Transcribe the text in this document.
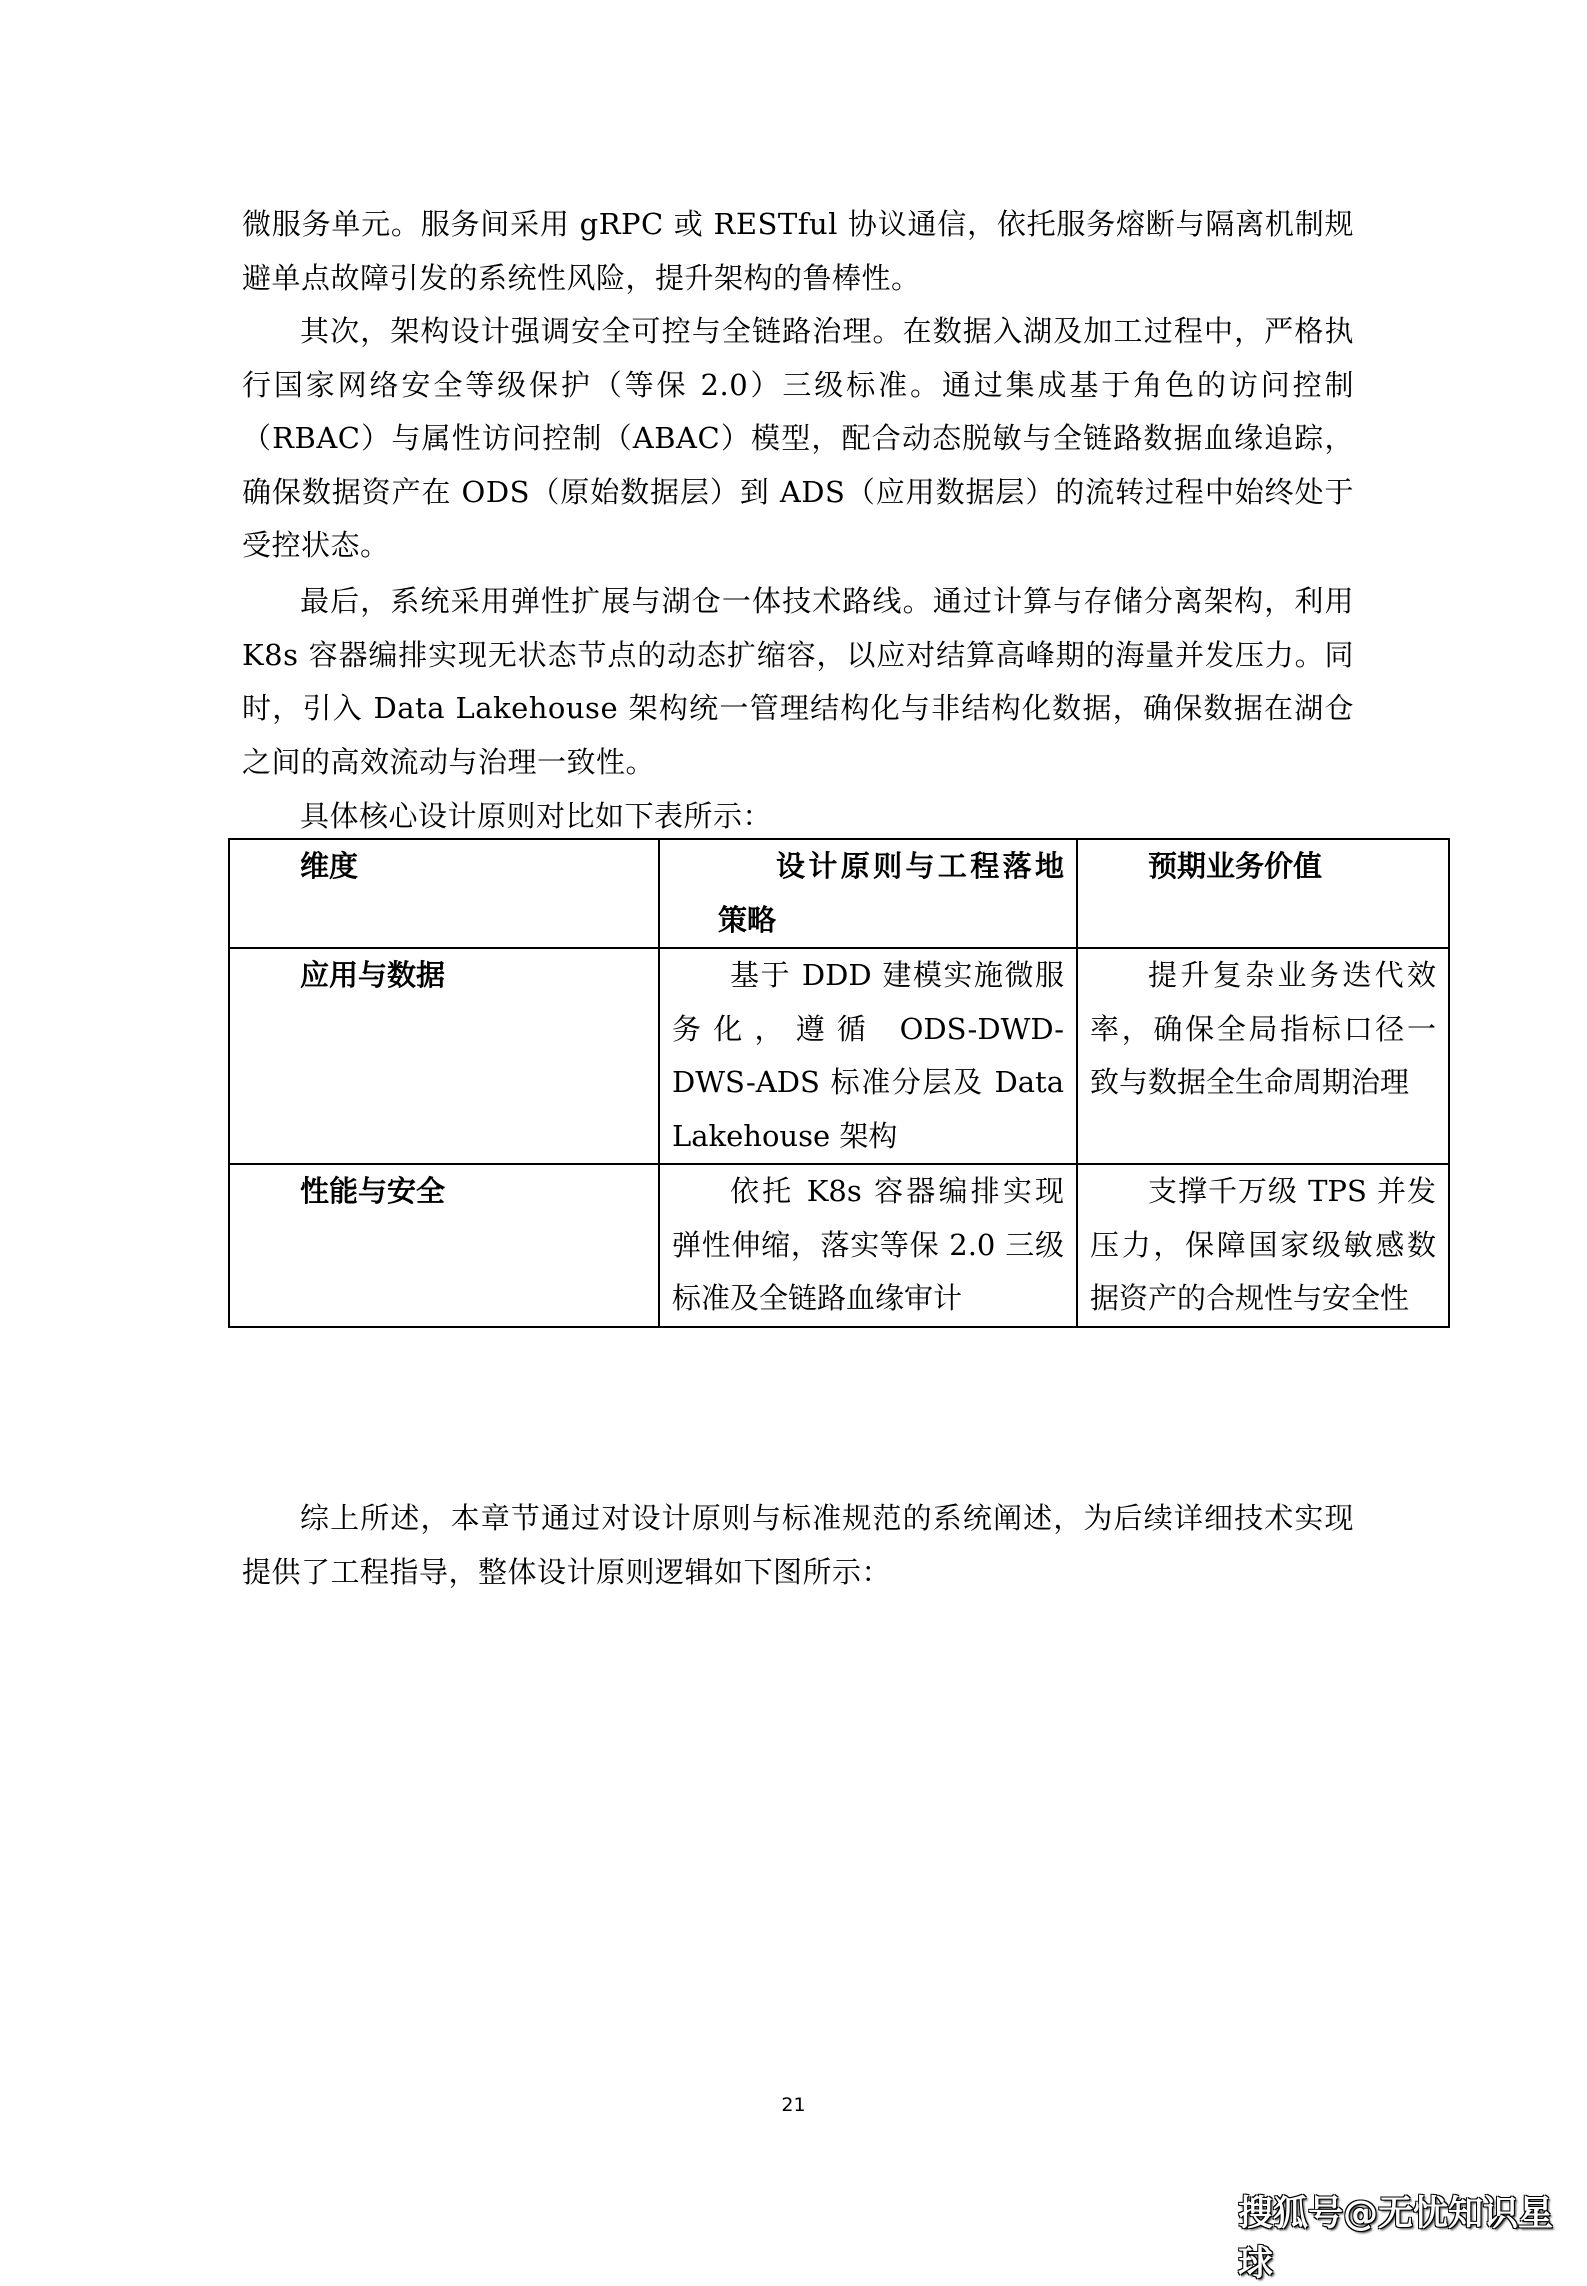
微服务单元。服务间采用 gRPC 或 RESTful 协议通信，依托服务熔断与隔离机制规避单点故障引发的系统性风险，提升架构的鲁棒性。

其次，架构设计强调安全可控与全链路治理。在数据入湖及加工过程中，严格执行国家网络安全等级保护（等保 2.0）三级标准。通过集成基于角色的访问控制（RBAC）与属性访问控制（ABAC）模型，配合动态脱敏与全链路数据血缘追踪，确保数据资产在 ODS（原始数据层）到 ADS（应用数据层）的流转过程中始终处于受控状态。

最后，系统采用弹性扩展与湖仓一体技术路线。通过计算与存储分离架构，利用 K8s 容器编排实现无状态节点的动态扩缩容，以应对结算高峰期的海量并发压力。同时，引入 Data Lakehouse 架构统一管理结构化与非结构化数据，确保数据在湖仓之间的高效流动与治理一致性。

具体核心设计原则对比如下表所示：

维度	设计原则与工程落地策略	预期业务价值
应用与数据	基于 DDD 建模实施微服务化，遵循 ODS-DWD-DWS-ADS 标准分层及 Data Lakehouse 架构	提升复杂业务迭代效率，确保全局指标口径一致与数据全生命周期治理
性能与安全	依托 K8s 容器编排实现弹性伸缩，落实等保 2.0 三级标准及全链路血缘审计	支撑千万级 TPS 并发压力，保障国家级敏感数据资产的合规性与安全性

综上所述，本章节通过对设计原则与标准规范的系统阐述，为后续详细技术实现提供了工程指导，整体设计原则逻辑如下图所示：

21
搜狐号@无忧知识星球
